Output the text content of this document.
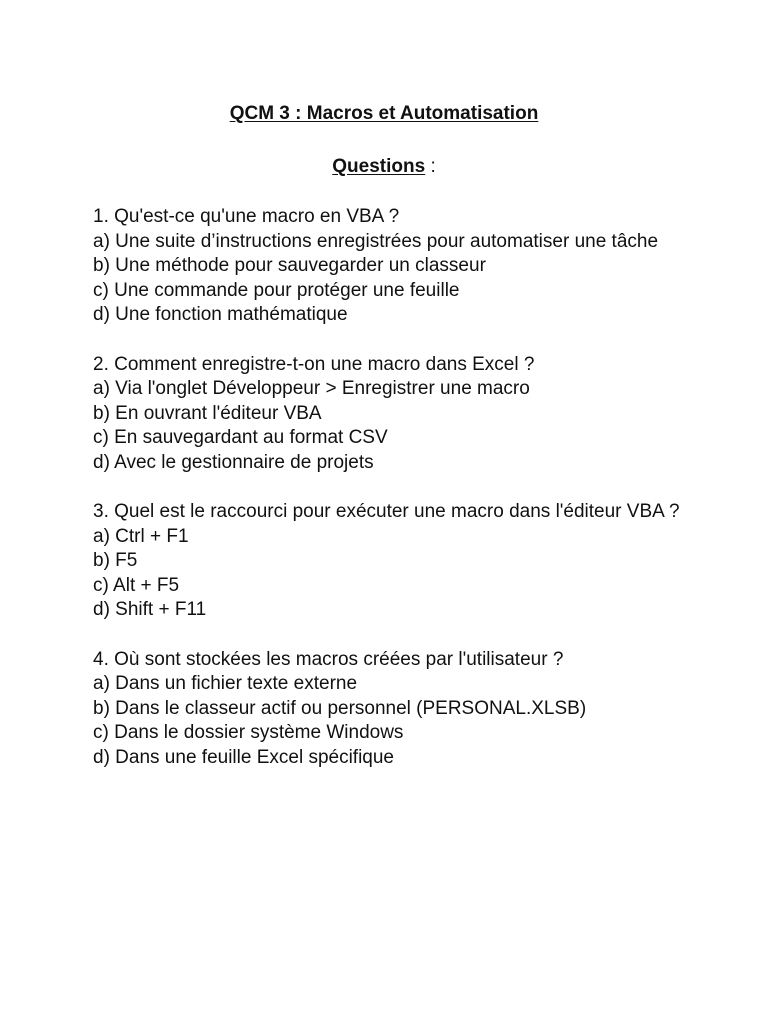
QCM 3 : Macros et Automatisation
Questions :
1. Qu'est-ce qu'une macro en VBA ?
a) Une suite d’instructions enregistrées pour automatiser une tâche
b) Une méthode pour sauvegarder un classeur
c) Une commande pour protéger une feuille
d) Une fonction mathématique
2. Comment enregistre-t-on une macro dans Excel ?
a) Via l'onglet Développeur > Enregistrer une macro
b) En ouvrant l'éditeur VBA
c) En sauvegardant au format CSV
d) Avec le gestionnaire de projets
3. Quel est le raccourci pour exécuter une macro dans l'éditeur VBA ?
a) Ctrl + F1
b) F5
c) Alt + F5
d) Shift + F11
4. Où sont stockées les macros créées par l'utilisateur ?
a) Dans un fichier texte externe
b) Dans le classeur actif ou personnel (PERSONAL.XLSB)
c) Dans le dossier système Windows
d) Dans une feuille Excel spécifique
